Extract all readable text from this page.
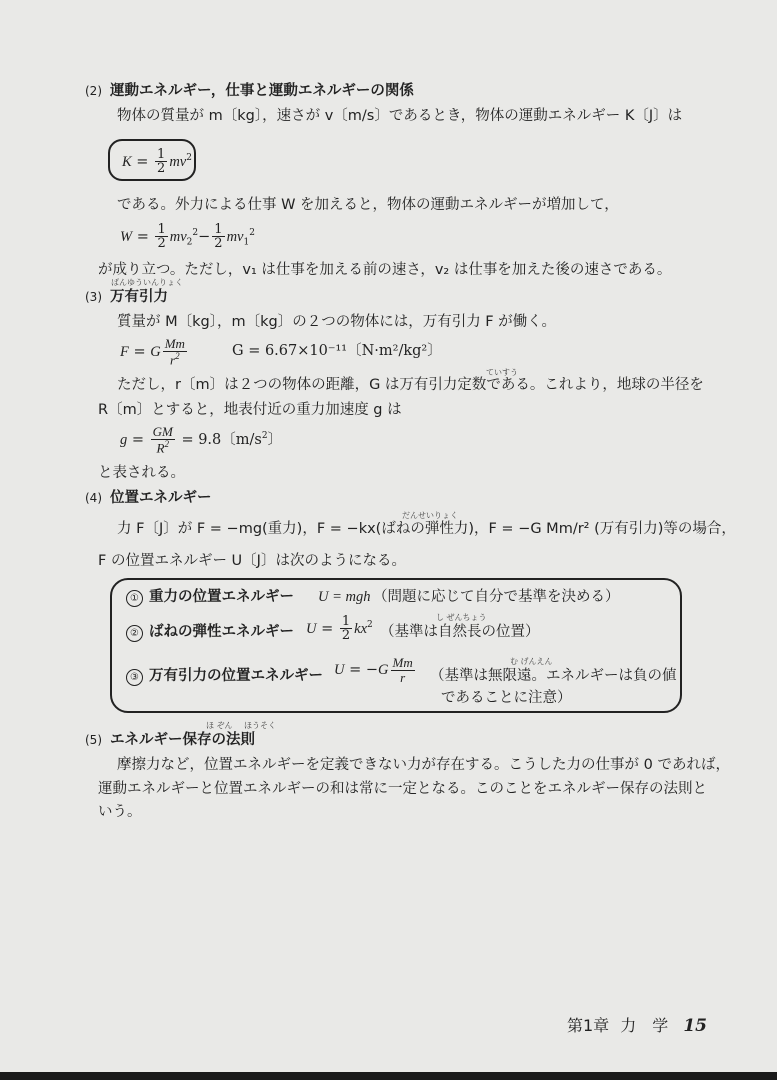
(2) 運動エネルギー，仕事と運動エネルギーの関係
物体の質量が m〔kg〕，速さが v〔m/s〕であるとき，物体の運動エネルギー K〔J〕は
$K = \frac{1}{2} mv^2$
である。外力による仕事 W を加えると，物体の運動エネルギーが増加して，
$W = \frac{1}{2} mv_2^2- \frac{1}{2} mv_1^2$
が成り立つ。ただし，v₁ は仕事を加える前の速さ，v₂ は仕事を加えた後の速さである。
ばんゆういんりょく
(3) 万有引力
質量が M〔kg〕，m〔kg〕の２つの物体には，万有引力 F が働く。
F = G $\frac{Mm}{r^2}$	G = 6.67×10⁻¹¹〔N·m²/kg²〕
ていすう
ただし，r〔m〕は２つの物体の距離，G は万有引力定数である。これより，地球の半径を
R〔m〕とすると，地表付近の重力加速度 g は
$g = \frac{GM}{R^2} = 9.8$〔$m/s^2$〕
と表される。
(4) 位置エネルギー
だんせいりょく
力 F〔J〕が F = −mg(重力)，F = −kx(ばねの弾性力)，F = −G Mm/r² (万有引力)等の場合，
F の位置エネルギー U〔J〕は次のようになる。
① 重力の位置エネルギー U = mgh （問題に応じて自分で基準を決める）
② ばねの弾性エネルギー $U = \frac{1}{2} kx^2$
し ぜんちょう
（基準は自然長の位置）
③ 万有引力の位置エネルギー $U = -G \frac{Mm}{r}$	む げんえん
（基準は無限遠。エネルギーは負の値
であることに注意）
ほ ぞん ほうそく
(5) エネルギー保存の法則
摩擦力など，位置エネルギーを定義できない力が存在する。こうした力の仕事が 0 であれば，
運動エネルギーと位置エネルギーの和は常に一定となる。このことをエネルギー保存の法則と
いう。
第1章 力　学 15
